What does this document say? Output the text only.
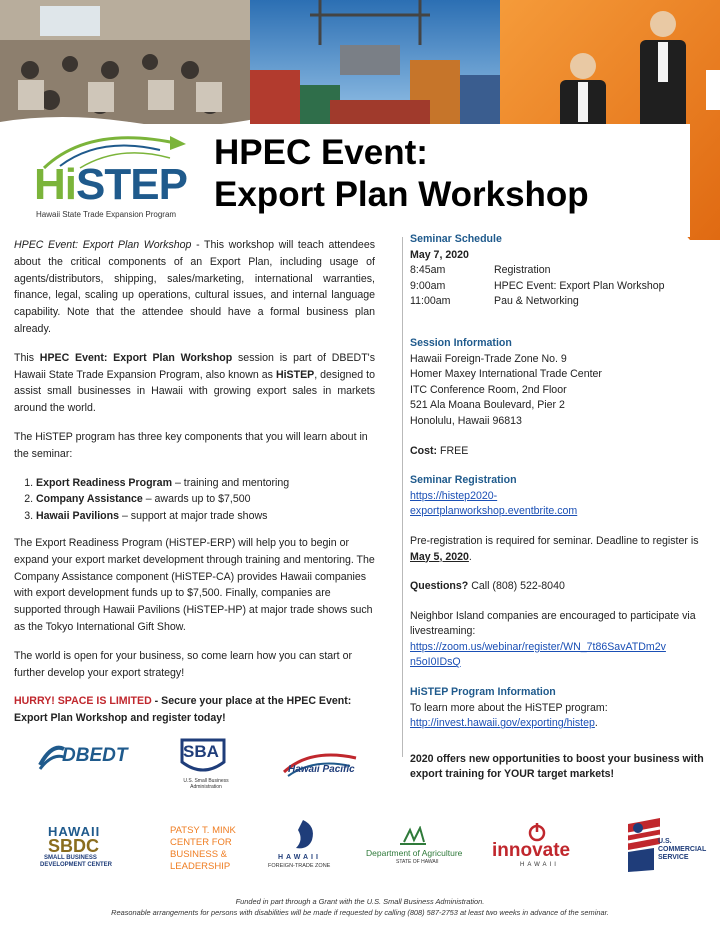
HiSTEP
Hawaii State Trade Expansion Program
HPEC Event:
Export Plan Workshop

HPEC Event: Export Plan Workshop - This workshop will teach attendees about the critical components of an Export Plan, including usage of agents/distributors, shipping, sales/marketing, international warranties, finance, legal, scaling up operations, cultural issues, and internal language capability. Note that the attendee should have a formal business plan already.

This HPEC Event: Export Plan Workshop session is part of DBEDT's Hawaii State Trade Expansion Program, also known as HiSTEP, designed to assist small businesses in Hawaii with growing export sales in markets around the world.

The HiSTEP program has three key components that you will learn about in the seminar:

1. Export Readiness Program – training and mentoring
2. Company Assistance – awards up to $7,500
3. Hawaii Pavilions – support at major trade shows

The Export Readiness Program (HiSTEP-ERP) will help you to begin or expand your export market development through training and mentoring. The Company Assistance component (HiSTEP-CA) provides Hawaii companies with export development funds up to $7,500. Finally, companies are supported through Hawaii Pavilions (HiSTEP-HP) at major trade shows such as the Tokyo International Gift Show.

The world is open for your business, so come learn how you can start or further develop your export strategy!

HURRY! SPACE IS LIMITED - Secure your place at the HPEC Event: Export Plan Workshop and register today!

Seminar Schedule
May 7, 2020
8:45am	Registration
9:00am	HPEC Event: Export Plan Workshop
11:00am	Pau & Networking
Session Information
Hawaii Foreign-Trade Zone No. 9
Homer Maxey International Trade Center
ITC Conference Room, 2nd Floor
521 Ala Moana Boulevard, Pier 2
Honolulu, Hawaii 96813
Cost: FREE
Seminar Registration
https://histep2020-
exportplanworkshop.eventbrite.com
Pre-registration is required for seminar. Deadline to register is May 5, 2020.
Questions? Call (808) 522-8040
Neighbor Island companies are encouraged to participate via livestreaming:
https://zoom.us/webinar/register/WN_7t86SavATDm2v
n5oI0IDsQ
HiSTEP Program Information
To learn more about the HiSTEP program:
http://invest.hawaii.gov/exporting/histep.
2020 offers new opportunities to boost your business with export training for YOUR target markets!
DBEDT	SBA
U.S. Small Business Administration
Hawaii Pacific
HAWAII
SBDC
SMALL BUSINESS
DEVELOPMENT CENTER
PATSY T. MINK
CENTER FOR
BUSINESS &
LEADERSHIP
HAWAII
FOREIGN-TRADE ZONE
Department of Agriculture
STATE OF HAWAII
innovate
HAWAII
U.S.
COMMERCIAL
SERVICE
Funded in part through a Grant with the U.S. Small Business Administration.
Reasonable arrangements for persons with disabilities will be made if requested by calling (808) 587-2753 at least two weeks in advance of the seminar.
